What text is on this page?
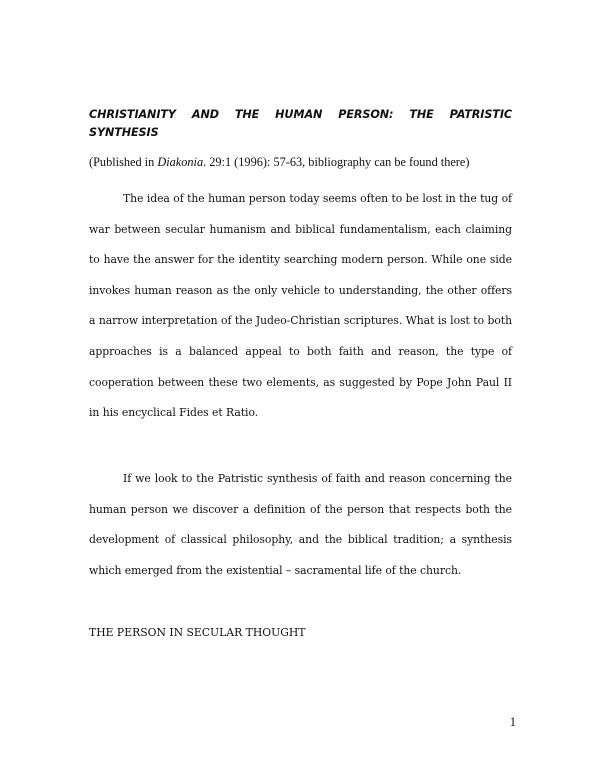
CHRISTIANITY AND THE HUMAN PERSON: THE PATRISTIC SYNTHESIS

(Published in Diakonia. 29:1 (1996): 57-63, bibliography can be found there)

The idea of the human person today seems often to be lost in the tug of war between secular humanism and biblical fundamentalism, each claiming to have the answer for the identity searching modern person. While one side invokes human reason as the only vehicle to understanding, the other offers a narrow interpretation of the Judeo-Christian scriptures. What is lost to both approaches is a balanced appeal to both faith and reason, the type of cooperation between these two elements, as suggested by Pope John Paul II in his encyclical Fides et Ratio.

If we look to the Patristic synthesis of faith and reason concerning the human person we discover a definition of the person that respects both the development of classical philosophy, and the biblical tradition; a synthesis which emerged from the existential – sacramental life of the church.

THE PERSON IN SECULAR THOUGHT
1
